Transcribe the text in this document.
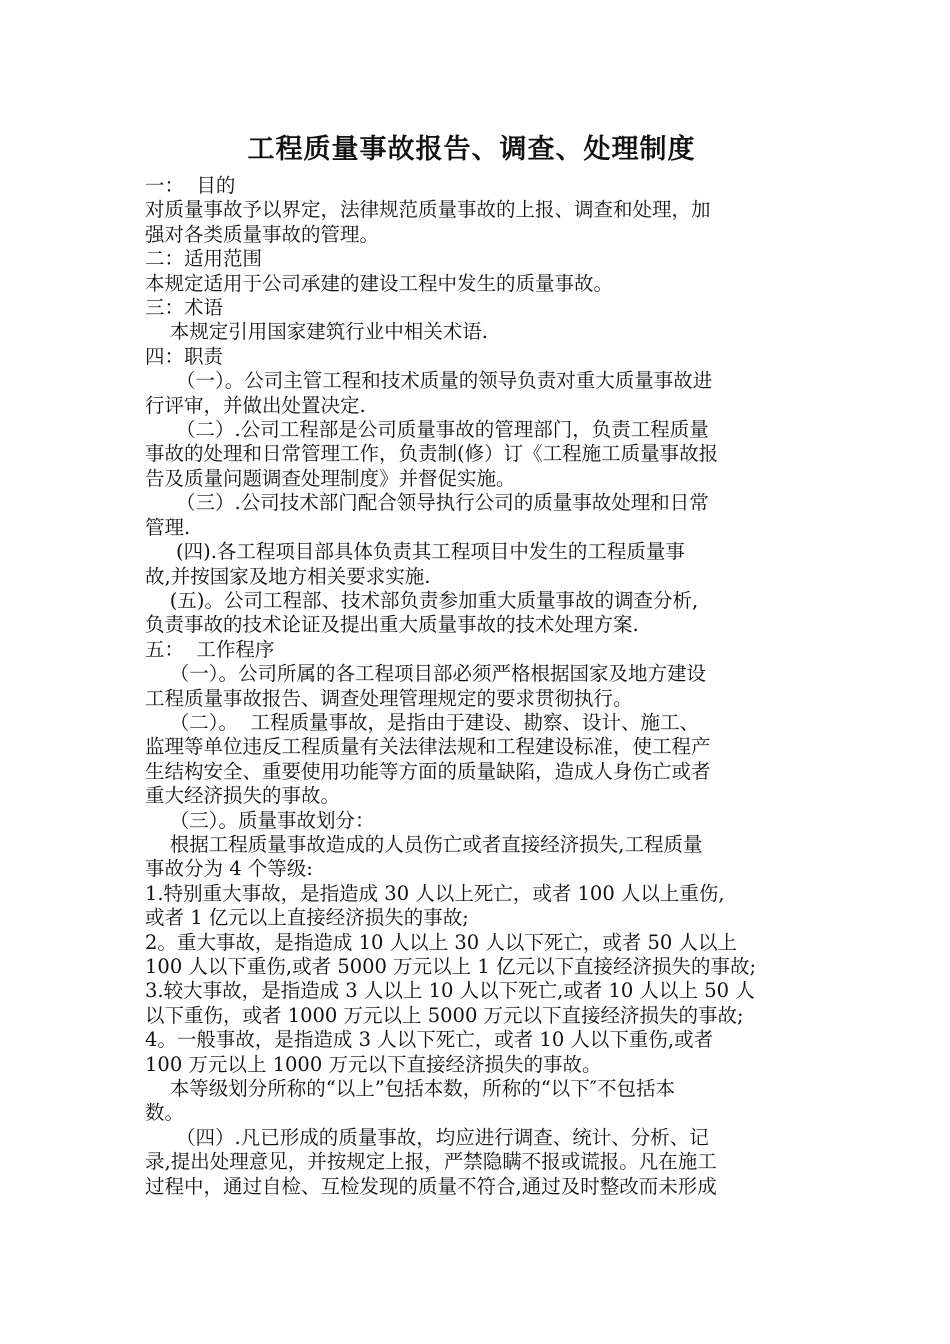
工程质量事故报告、调查、处理制度

一：  目的

对质量事故予以界定，法律规范质量事故的上报、调查和处理，加

强对各类质量事故的管理。

二：适用范围

本规定适用于公司承建的建设工程中发生的质量事故。

三：术语

本规定引用国家建筑行业中相关术语.

四：职责

（一）。公司主管工程和技术质量的领导负责对重大质量事故进

行评审，并做出处置决定.

（二）.公司工程部是公司质量事故的管理部门，负责工程质量

事故的处理和日常管理工作，负责制(修）订《工程施工质量事故报

告及质量问题调查处理制度》并督促实施。

（三）.公司技术部门配合领导执行公司的质量事故处理和日常

管理.

(四).各工程项目部具体负责其工程项目中发生的工程质量事

故,并按国家及地方相关要求实施.

(五)。公司工程部、技术部负责参加重大质量事故的调查分析,

负责事故的技术论证及提出重大质量事故的技术处理方案.

五：  工作程序

（一）。公司所属的各工程项目部必须严格根据国家及地方建设

工程质量事故报告、调查处理管理规定的要求贯彻执行。

（二）。  工程质量事故，是指由于建设、勘察、设计、施工、

监理等单位违反工程质量有关法律法规和工程建设标准，使工程产

生结构安全、重要使用功能等方面的质量缺陷，造成人身伤亡或者

重大经济损失的事故。

（三）。质量事故划分：

根据工程质量事故造成的人员伤亡或者直接经济损失,工程质量

事故分为 4 个等级:

1.特别重大事故，是指造成 30 人以上死亡，或者 100 人以上重伤,

或者 1 亿元以上直接经济损失的事故;

2。重大事故，是指造成 10 人以上 30 人以下死亡，或者 50 人以上

100 人以下重伤,或者 5000 万元以上 1 亿元以下直接经济损失的事故;

3.较大事故，是指造成 3 人以上 10 人以下死亡,或者 10 人以上 50 人

以下重伤，或者 1000 万元以上 5000 万元以下直接经济损失的事故;

4。一般事故，是指造成 3 人以下死亡，或者 10 人以下重伤,或者

100 万元以上 1000 万元以下直接经济损失的事故。

本等级划分所称的“以上”包括本数，所称的“以下″不包括本

数。

（四）.凡已形成的质量事故，均应进行调查、统计、分析、记

录,提出处理意见，并按规定上报，严禁隐瞒不报或谎报。凡在施工

过程中，通过自检、互检发现的质量不符合,通过及时整改而未形成
